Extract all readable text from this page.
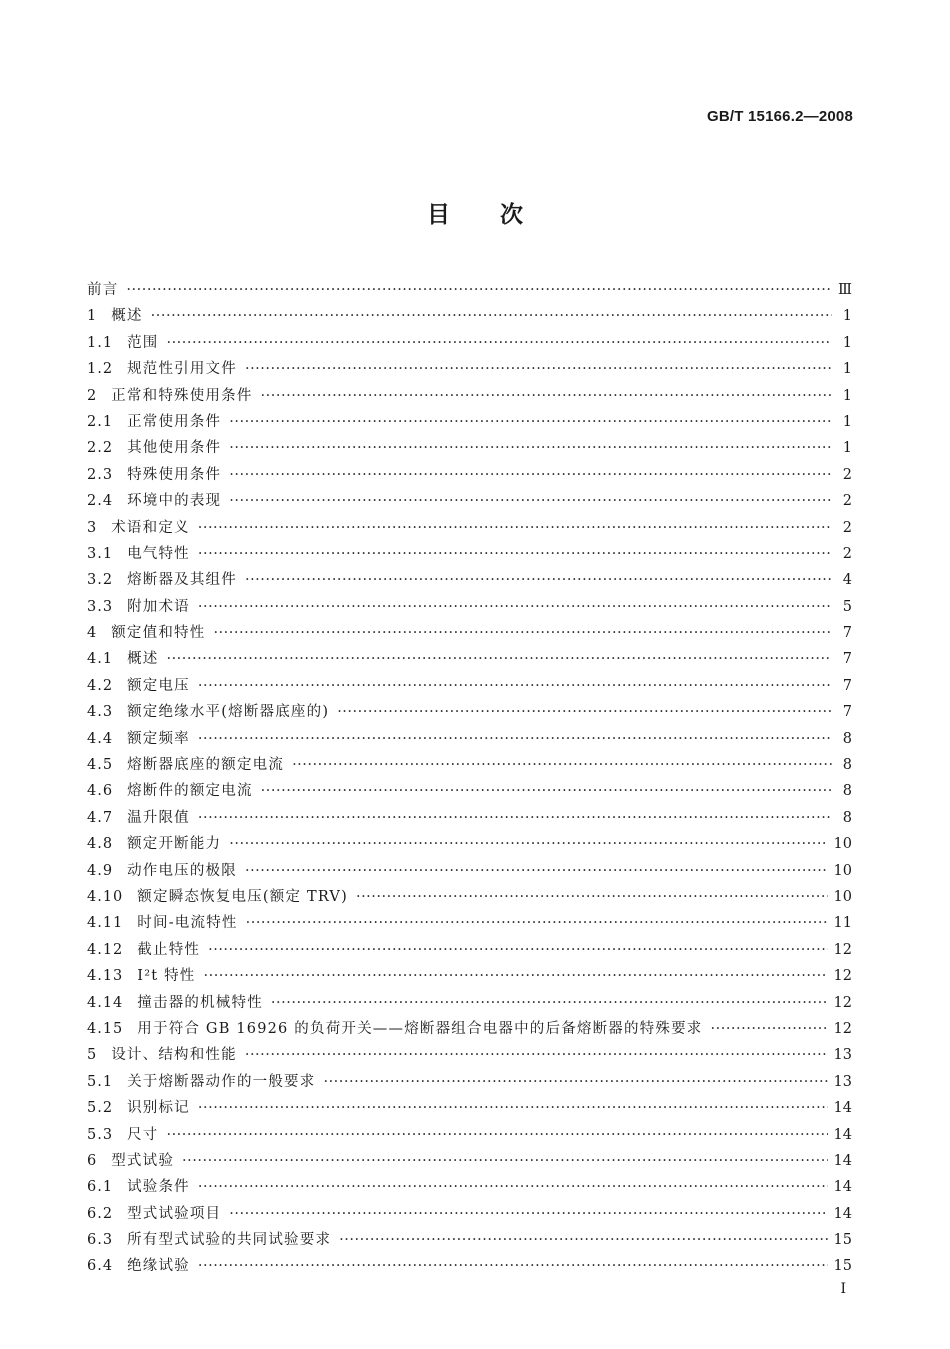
GB/T 15166.2—2008
目次
前言 ·····	Ⅲ
1 概述 ·····	1
1.1 范围 ·····	1
1.2 规范性引用文件 ·····	1
2 正常和特殊使用条件 ·····	1
2.1 正常使用条件 ·····	1
2.2 其他使用条件 ·····	1
2.3 特殊使用条件 ·····	2
2.4 环境中的表现 ·····	2
3 术语和定义 ·····	2
3.1 电气特性 ·····	2
3.2 熔断器及其组件 ·····	4
3.3 附加术语 ·····	5
4 额定值和特性 ·····	7
4.1 概述 ·····	7
4.2 额定电压 ·····	7
4.3 额定绝缘水平(熔断器底座的) ·····	7
4.4 额定频率 ·····	8
4.5 熔断器底座的额定电流 ·····	8
4.6 熔断件的额定电流 ·····	8
4.7 温升限值 ·····	8
4.8 额定开断能力 ·····	10
4.9 动作电压的极限 ·····	10
4.10 额定瞬态恢复电压(额定 TRV) ·····	10
4.11 时间-电流特性 ·····	11
4.12 截止特性 ·····	12
4.13 I²t 特性 ·····	12
4.14 撞击器的机械特性 ·····	12
4.15 用于符合 GB 16926 的负荷开关——熔断器组合电器中的后备熔断器的特殊要求 ·····	12
5 设计、结构和性能 ·····	13
5.1 关于熔断器动作的一般要求 ·····	13
5.2 识别标记 ·····	14
5.3 尺寸 ·····	14
6 型式试验 ·····	14
6.1 试验条件 ·····	14
6.2 型式试验项目 ·····	14
6.3 所有型式试验的共同试验要求 ·····	15
6.4 绝缘试验 ·····	15
I
